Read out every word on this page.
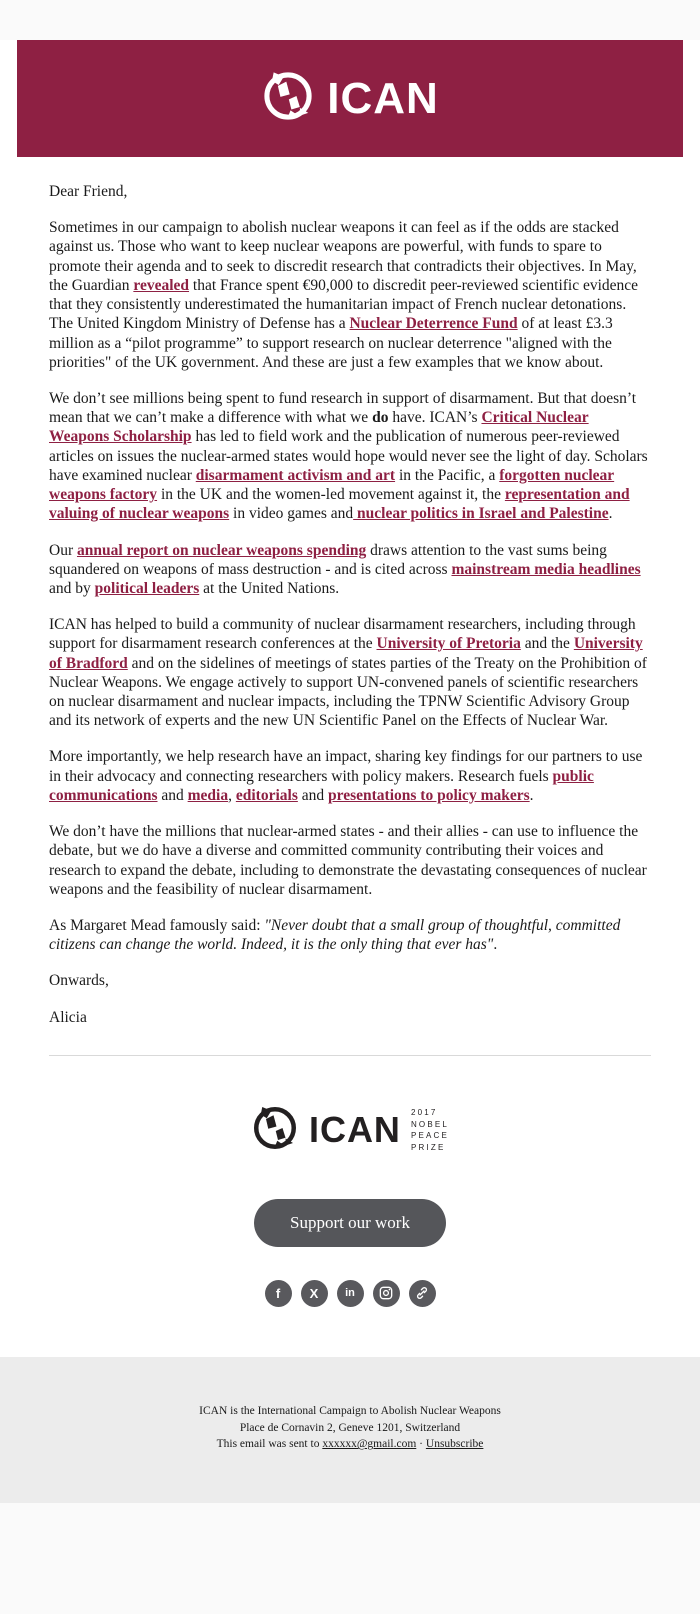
ICAN

Dear Friend,

Sometimes in our campaign to abolish nuclear weapons it can feel as if the odds are stacked against us. Those who want to keep nuclear weapons are powerful, with funds to spare to promote their agenda and to seek to discredit research that contradicts their objectives. In May, the Guardian revealed that France spent €90,000 to discredit peer-reviewed scientific evidence that they consistently underestimated the humanitarian impact of French nuclear detonations. The United Kingdom Ministry of Defense has a Nuclear Deterrence Fund of at least £3.3 million as a “pilot programme” to support research on nuclear deterrence "aligned with the priorities" of the UK government. And these are just a few examples that we know about.

We don’t see millions being spent to fund research in support of disarmament. But that doesn’t mean that we can’t make a difference with what we do have. ICAN’s Critical Nuclear Weapons Scholarship has led to field work and the publication of numerous peer-reviewed articles on issues the nuclear-armed states would hope would never see the light of day. Scholars have examined nuclear disarmament activism and art in the Pacific, a forgotten nuclear weapons factory in the UK and the women-led movement against it, the representation and valuing of nuclear weapons in video games and nuclear politics in Israel and Palestine.

Our annual report on nuclear weapons spending draws attention to the vast sums being squandered on weapons of mass destruction - and is cited across mainstream media headlines and by political leaders at the United Nations.

ICAN has helped to build a community of nuclear disarmament researchers, including through support for disarmament research conferences at the University of Pretoria and the University of Bradford and on the sidelines of meetings of states parties of the Treaty on the Prohibition of Nuclear Weapons. We engage actively to support UN-convened panels of scientific researchers on nuclear disarmament and nuclear impacts, including the TPNW Scientific Advisory Group and its network of experts and the new UN Scientific Panel on the Effects of Nuclear War.

More importantly, we help research have an impact, sharing key findings for our partners to use in their advocacy and connecting researchers with policy makers. Research fuels public communications and media, editorials and presentations to policy makers.

We don’t have the millions that nuclear-armed states - and their allies - can use to influence the debate, but we do have a diverse and committed community contributing their voices and research to expand the debate, including to demonstrate the devastating consequences of nuclear weapons and the feasibility of nuclear disarmament.

As Margaret Mead famously said: "Never doubt that a small group of thoughtful, committed citizens can change the world. Indeed, it is the only thing that ever has".

Onwards,

Alicia

ICAN 2017
NOBEL
PEACE
PRIZE
Support our work
f X in
ICAN is the International Campaign to Abolish Nuclear Weapons
Place de Cornavin 2, Geneve 1201, Switzerland
This email was sent to xxxxxx@gmail.com · Unsubscribe
